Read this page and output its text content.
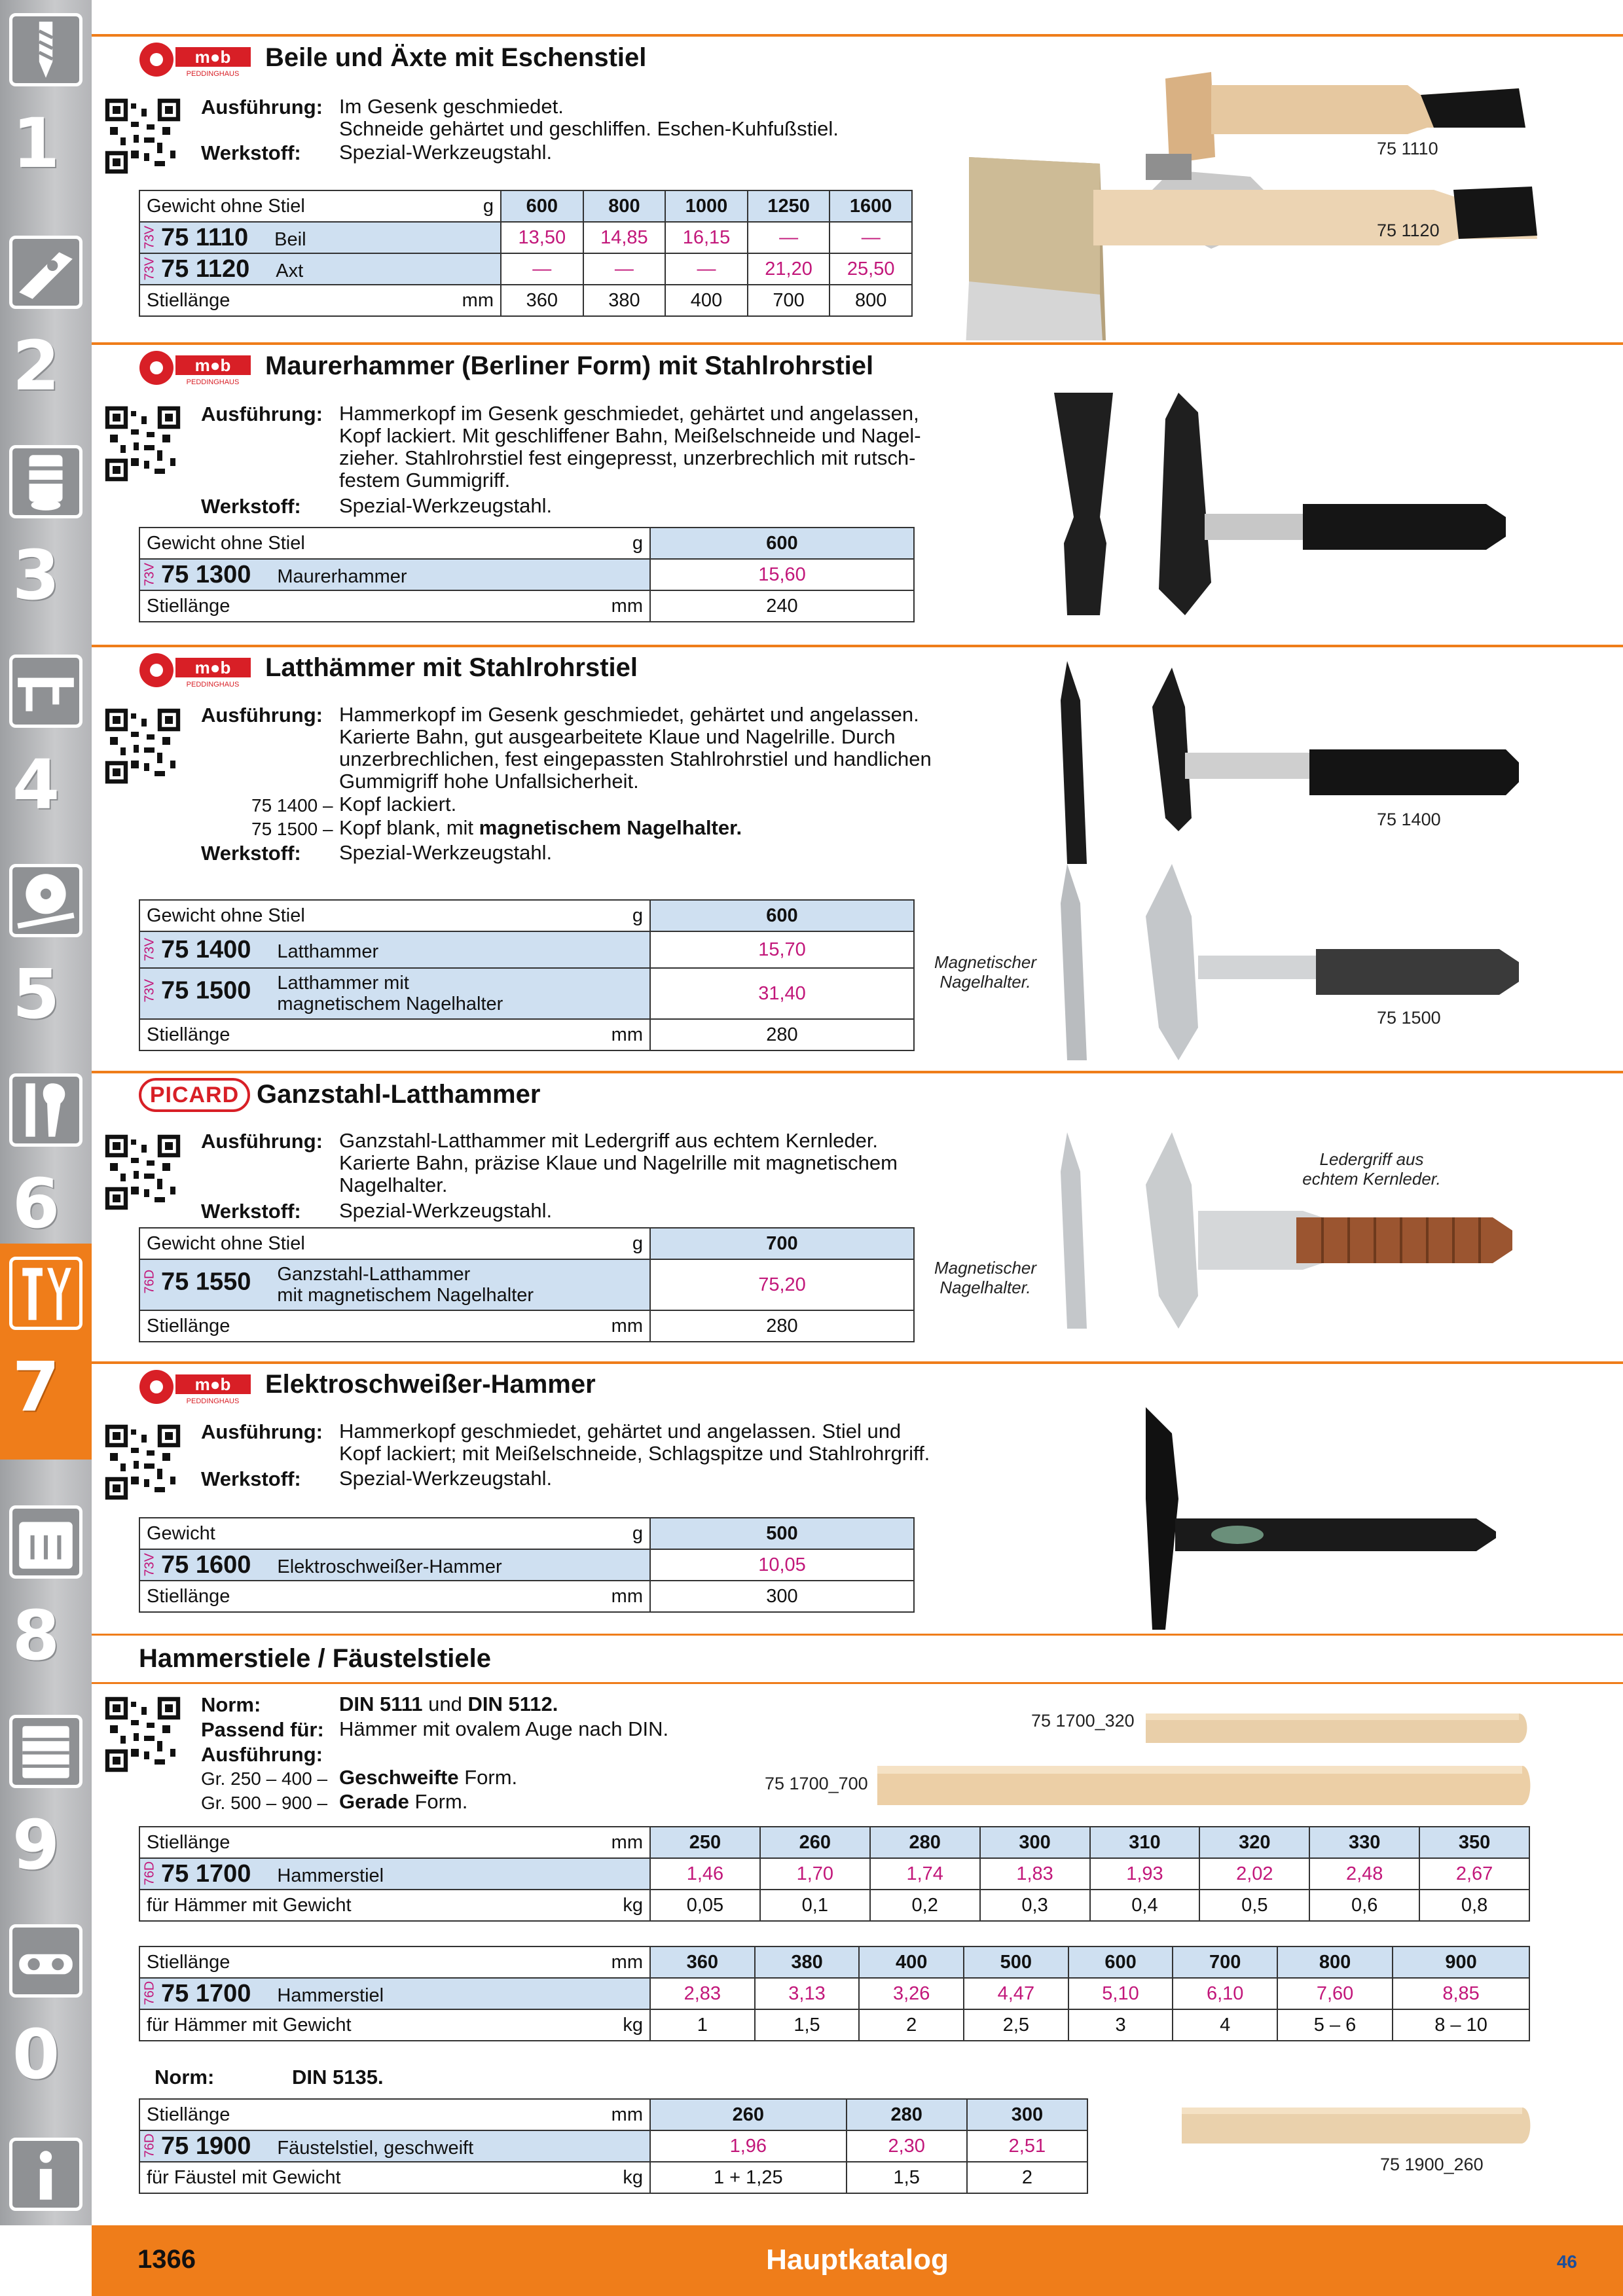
1
2
3
4
5
6
7
8
9
0
m●b
PEDDINGHAUS
Beile und Äxte mit Eschenstiel
Ausführung: Im Gesenk geschmiedet.
Schneide gehärtet und geschliffen. Eschen-Kuhfußstiel.
Werkstoff: Spezial-Werkzeugstahl.
Gewicht ohne Stiel g	600	800	1000	1250	1600
73V 75 1110 Beil	13,50	14,85	16,15	—	—
73V 75 1120 Axt	—	—	—	21,20	25,50
Stiellänge mm	360	380	400	700	800
75 1110
75 1120
m●b
PEDDINGHAUS
Maurerhammer (Berliner Form) mit Stahlrohrstiel
Ausführung: Hammerkopf im Gesenk geschmiedet, gehärtet und angelassen,
Kopf lackiert. Mit geschliffener Bahn, Meißelschneide und Nagel-
zieher. Stahlrohrstiel fest eingepresst, unzerbrechlich mit rutsch-
festem Gummigriff.
Werkstoff: Spezial-Werkzeugstahl.
Gewicht ohne Stiel g	600
73V 75 1300 Maurerhammer	15,60
Stiellänge mm	240
m●b
PEDDINGHAUS
Latthämmer mit Stahlrohrstiel
Ausführung: Hammerkopf im Gesenk geschmiedet, gehärtet und angelassen.
Karierte Bahn, gut ausgearbeitete Klaue und Nagelrille. Durch
unzerbrechlichen, fest eingepassten Stahlrohrstiel und handlichen
Gummigriff hohe Unfallsicherheit.
75 1400 – Kopf lackiert.
75 1500 – Kopf blank, mit magnetischem Nagelhalter.
Werkstoff: Spezial-Werkzeugstahl.
Gewicht ohne Stiel g	600
73V 75 1400 Latthammer	15,70
73V 75 1500 Latthammer mit
magnetischem Nagelhalter	31,40
Stiellänge mm	280
75 1400
Magnetischer
Nagelhalter.
75 1500
PICARD Ganzstahl-Latthammer
Ausführung: Ganzstahl-Latthammer mit Ledergriff aus echtem Kernleder.
Karierte Bahn, präzise Klaue und Nagelrille mit magnetischem
Nagelhalter.
Werkstoff: Spezial-Werkzeugstahl.
Gewicht ohne Stiel g	700
76D 75 1550 Ganzstahl-Latthammer
mit magnetischem Nagelhalter	75,20
Stiellänge mm	280
Magnetischer
Nagelhalter.
Ledergriff aus
echtem Kernleder.
m●b
PEDDINGHAUS
Elektroschweißer-Hammer
Ausführung: Hammerkopf geschmiedet, gehärtet und angelassen. Stiel und
Kopf lackiert; mit Meißelschneide, Schlagspitze und Stahlrohrgriff.
Werkstoff: Spezial-Werkzeugstahl.
Gewicht g	500
73V 75 1600 Elektroschweißer-Hammer	10,05
Stiellänge mm	300
Hammerstiele / Fäustelstiele
Norm:	DIN 5111 und DIN 5112.
Passend für: Hämmer mit ovalem Auge nach DIN.
Ausführung:
Gr. 250 – 400 – Geschweifte Form.
Gr. 500 – 900 – Gerade Form.
75 1700_320
75 1700_700
Stiellänge mm	250	260	280	300	310	320	330	350
76D 75 1700 Hammerstiel	1,46	1,70	1,74	1,83	1,93	2,02	2,48	2,67
für Hämmer mit Gewicht kg	0,05	0,1	0,2	0,3	0,4	0,5	0,6	0,8
Stiellänge mm	360	380	400	500	600	700	800	900
76D 75 1700 Hammerstiel	2,83	3,13	3,26	4,47	5,10	6,10	7,60	8,85
für Hämmer mit Gewicht kg	1	1,5	2	2,5	3	4	5 – 6	8 – 10
Norm:	DIN 5135.
Stiellänge mm	260	280	300
76D 75 1900 Fäustelstiel, geschweift	1,96	2,30	2,51
für Fäustel mit Gewicht kg	1 + 1,25	1,5	2
75 1900_260
1366	Hauptkatalog	46
